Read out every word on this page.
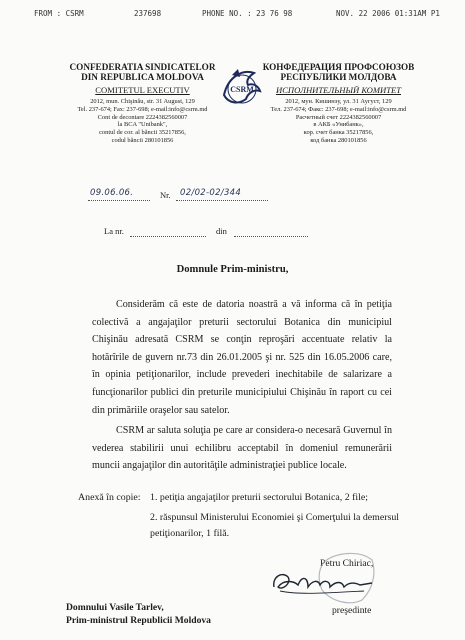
FROM : CSRM	237698	PHONE NO. : 23 76 98	NOV. 22 2006 01:31AM P1
CONFEDERATIA SINDICATELOR
DIN REPUBLICA MOLDOVA
COMITETUL EXECUTIV
2012, mun. Chişinău, str. 31 August, 129
Tel. 237-674; Fax: 237-698; e-mail:info@csrm.md
Cont de decontare 2224382560007
la BCA "Unibank",
contul de cor. al băncii 35217856,
codul băncii 280101856
CSRM
КОНФЕДЕРАЦИЯ ПРОФСОЮЗОВ
РЕСПУБЛИКИ МОЛДОВА
ИСПОЛНИТЕЛЬНЫЙ КОМИТЕТ
2012, мун. Кишинэу, ул. 31 Аугуст, 129
Тел. 237-674; Факс: 237-698; e-mail:info@csrm.md
Расчетный счет 2224382560007
в АКБ «Унибанк»,
кор. счет банка 35217856,
код банка 280101856
09.06.06.	Nr. 02/02-02/344
La nr.	din
Domnule Prim-ministru,
Considerăm că este de datoria noastră a vă informa că în petiţia colectivă a angajaţilor preturii sectorului Botanica din municipiul Chişinău adresată CSRM se conţin reproşări accentuate relativ la hotărîrile de guvern nr.73 din 26.01.2005 şi nr. 525 din 16.05.2006 care, în opinia petiţionarilor, include prevederi inechitabile de salarizare a funcţionarilor publici din preturile municipiului Chişinău în raport cu cei din primăriile oraşelor sau satelor.
CSRM ar saluta soluţia pe care ar considera-o necesară Guvernul în vederea stabilirii unui echilibru acceptabil în domeniul remunerării muncii angajaţilor din autorităţile administraţiei publice locale.
Anexă în copie: 1. petiţia angajaţilor preturii sectorului Botanica, 2 file;
2. răspunsul Ministerului Economiei şi Comerţului la demersul petiţionarilor, 1 filă.
Petru Chiriac,
preşedinte
Domnului Vasile Tarlev,
Prim-ministrul Republicii Moldova
